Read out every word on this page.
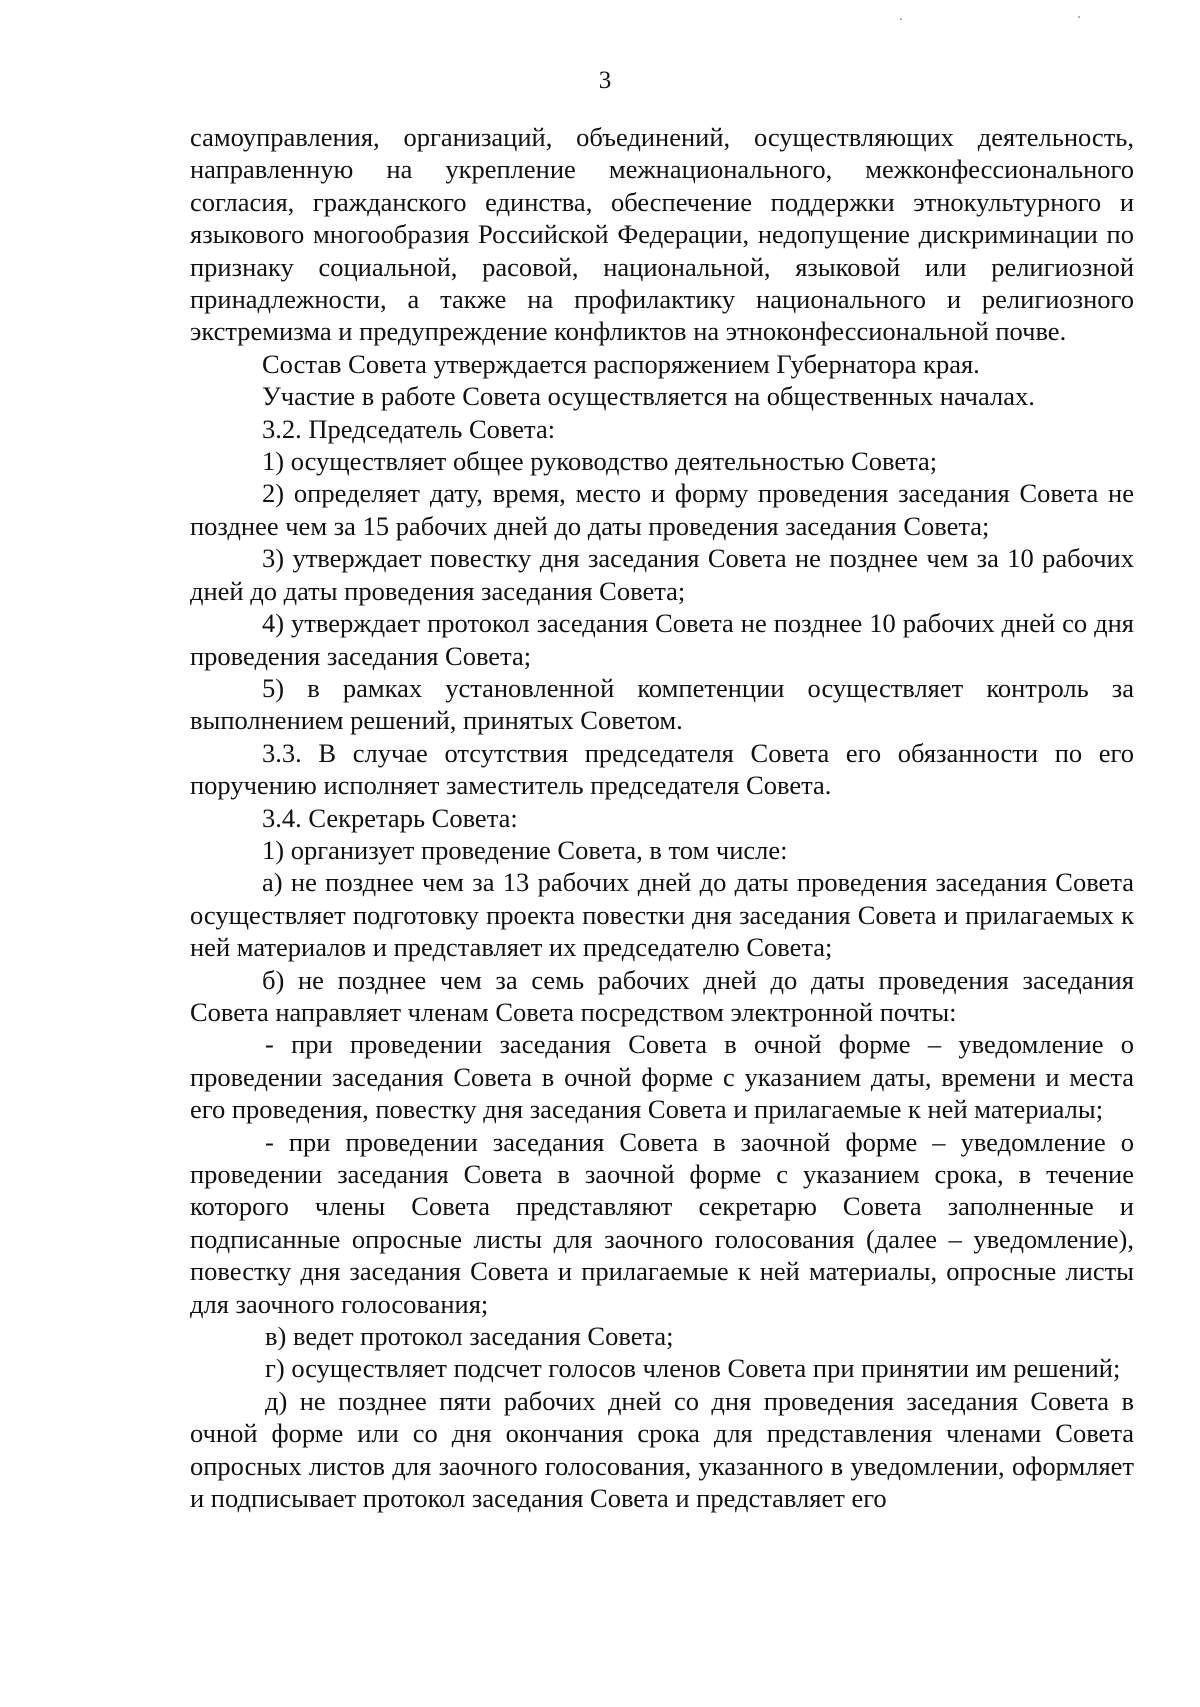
3

самоуправления, организаций, объединений, осуществляющих деятельность, направленную на укрепление межнационального, межконфессионального согласия, гражданского единства, обеспечение поддержки этнокультурного и языкового многообразия Российской Федерации, недопущение дискриминации по признаку социальной, расовой, национальной, языковой или религиозной принадлежности, а также на профилактику национального и религиозного экстремизма и предупреждение конфликтов на этноконфессиональной почве.

Состав Совета утверждается распоряжением Губернатора края.

Участие в работе Совета осуществляется на общественных началах.

3.2. Председатель Совета:

1) осуществляет общее руководство деятельностью Совета;

2) определяет дату, время, место и форму проведения заседания Совета не позднее чем за 15 рабочих дней до даты проведения заседания Совета;

3) утверждает повестку дня заседания Совета не позднее чем за 10 рабочих дней до даты проведения заседания Совета;

4) утверждает протокол заседания Совета не позднее 10 рабочих дней со дня проведения заседания Совета;

5) в рамках установленной компетенции осуществляет контроль за выполнением решений, принятых Советом.

3.3. В случае отсутствия председателя Совета его обязанности по его поручению исполняет заместитель председателя Совета.

3.4. Секретарь Совета:

1) организует проведение Совета, в том числе:

а) не позднее чем за 13 рабочих дней до даты проведения заседания Совета осуществляет подготовку проекта повестки дня заседания Совета и прилагаемых к ней материалов и представляет их председателю Совета;

б) не позднее чем за семь рабочих дней до даты проведения заседания Совета направляет членам Совета посредством электронной почты:

- при проведении заседания Совета в очной форме – уведомление о проведении заседания Совета в очной форме с указанием даты, времени и места его проведения, повестку дня заседания Совета и прилагаемые к ней материалы;

- при проведении заседания Совета в заочной форме – уведомление о проведении заседания Совета в заочной форме с указанием срока, в течение которого члены Совета представляют секретарю Совета заполненные и подписанные опросные листы для заочного голосования (далее – уведомление), повестку дня заседания Совета и прилагаемые к ней материалы, опросные листы для заочного голосования;

в) ведет протокол заседания Совета;

г) осуществляет подсчет голосов членов Совета при принятии им решений;

д) не позднее пяти рабочих дней со дня проведения заседания Совета в очной форме или со дня окончания срока для представления членами Совета опросных листов для заочного голосования, указанного в уведомлении, оформляет и подписывает протокол заседания Совета и представляет его
